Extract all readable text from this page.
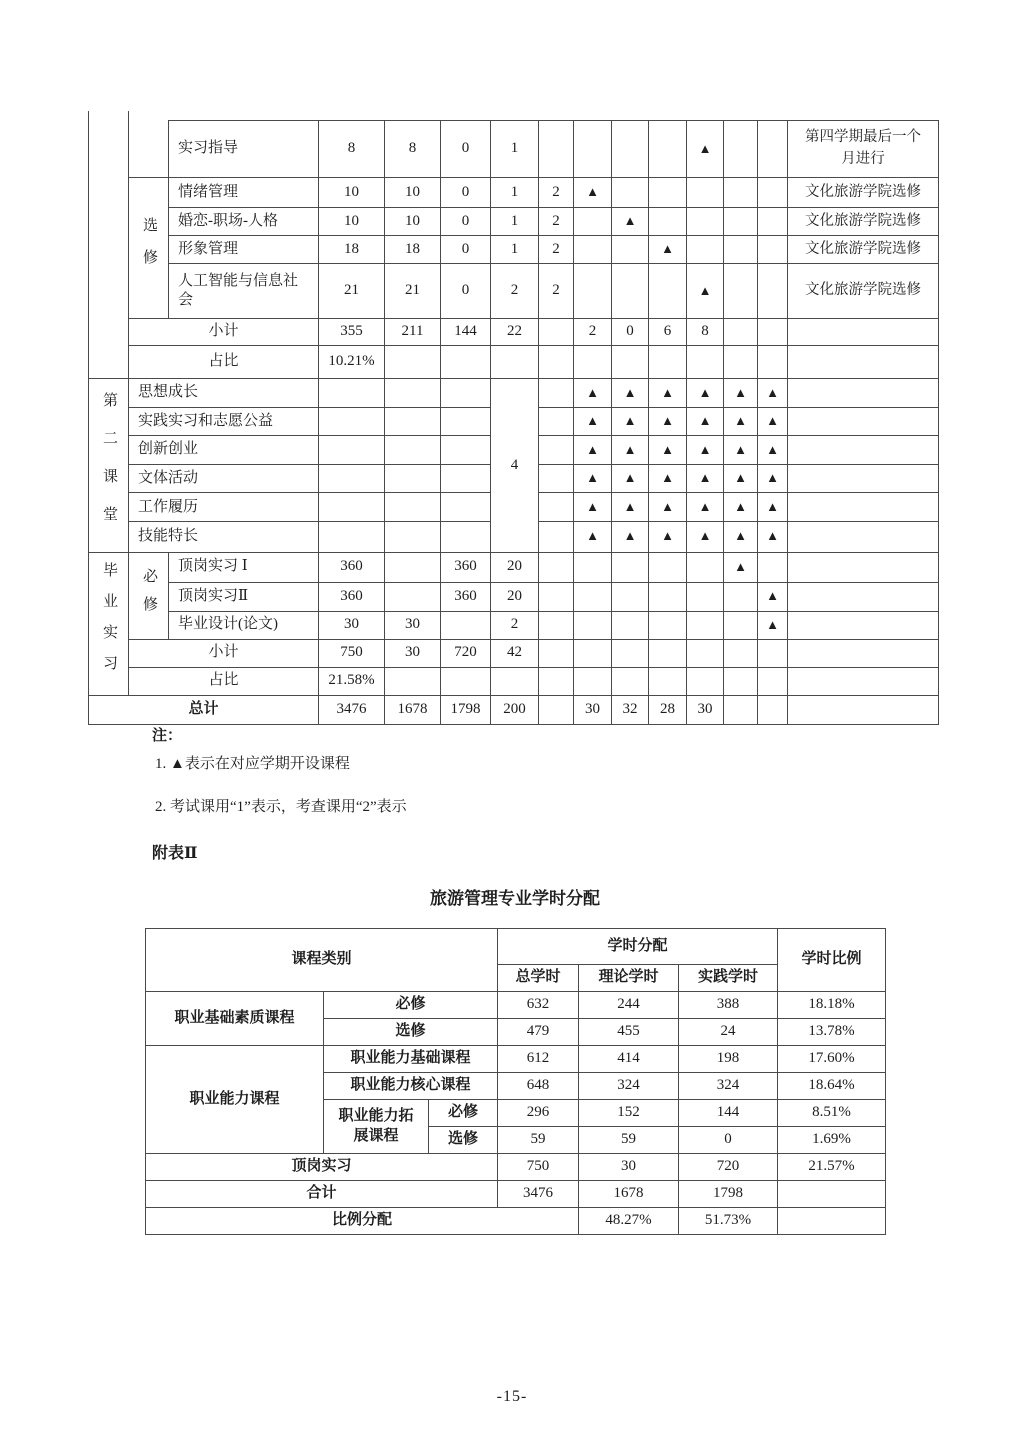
		实习指导	8	8	0	1					▲			第四学期最后一个月进行
	选修	情绪管理	10	10	0	1	2	▲						文化旅游学院选修
		婚恋-职场-人格	10	10	0	1	2		▲					文化旅游学院选修
		形象管理	18	18	0	1	2			▲				文化旅游学院选修
		人工智能与信息社会	21	21	0	2	2				▲			文化旅游学院选修
	小计		355	211	144	22		2	0	6	8			
	占比		10.21%											
第二课堂	思想成长					4		▲	▲	▲	▲	▲	▲	
	实践实习和志愿公益							▲	▲	▲	▲	▲	▲	
	创新创业							▲	▲	▲	▲	▲	▲	
	文体活动							▲	▲	▲	▲	▲	▲	
	工作履历							▲	▲	▲	▲	▲	▲	
	技能特长							▲	▲	▲	▲	▲	▲	
毕业实习	必修	顶岗实习 Ⅰ	360		360	20						▲		
		顶岗实习Ⅱ	360		360	20							▲	
		毕业设计(论文)	30	30		2							▲	
	小计		750	30	720	42								
	占比		21.58%											
总计			3476	1678	1798	200		30	32	28	30			
注：
1. ▲表示在对应学期开设课程
2. 考试课用“1”表示，考查课用“2”表示
附表Ⅱ
旅游管理专业学时分配
课程类别			学时分配			学时比例
			总学时	理论学时	实践学时	
职业基础素质课程	必修		632	244	388	18.18%
	选修		479	455	24	13.78%
职业能力课程	职业能力基础课程		612	414	198	17.60%
	职业能力核心课程		648	324	324	18.64%
	职业能力拓展课程	必修	296	152	144	8.51%
		选修	59	59	0	1.69%
顶岗实习			750	30	720	21.57%
合计			3476	1678	1798	
比例分配				48.27%	51.73%	
-15-
